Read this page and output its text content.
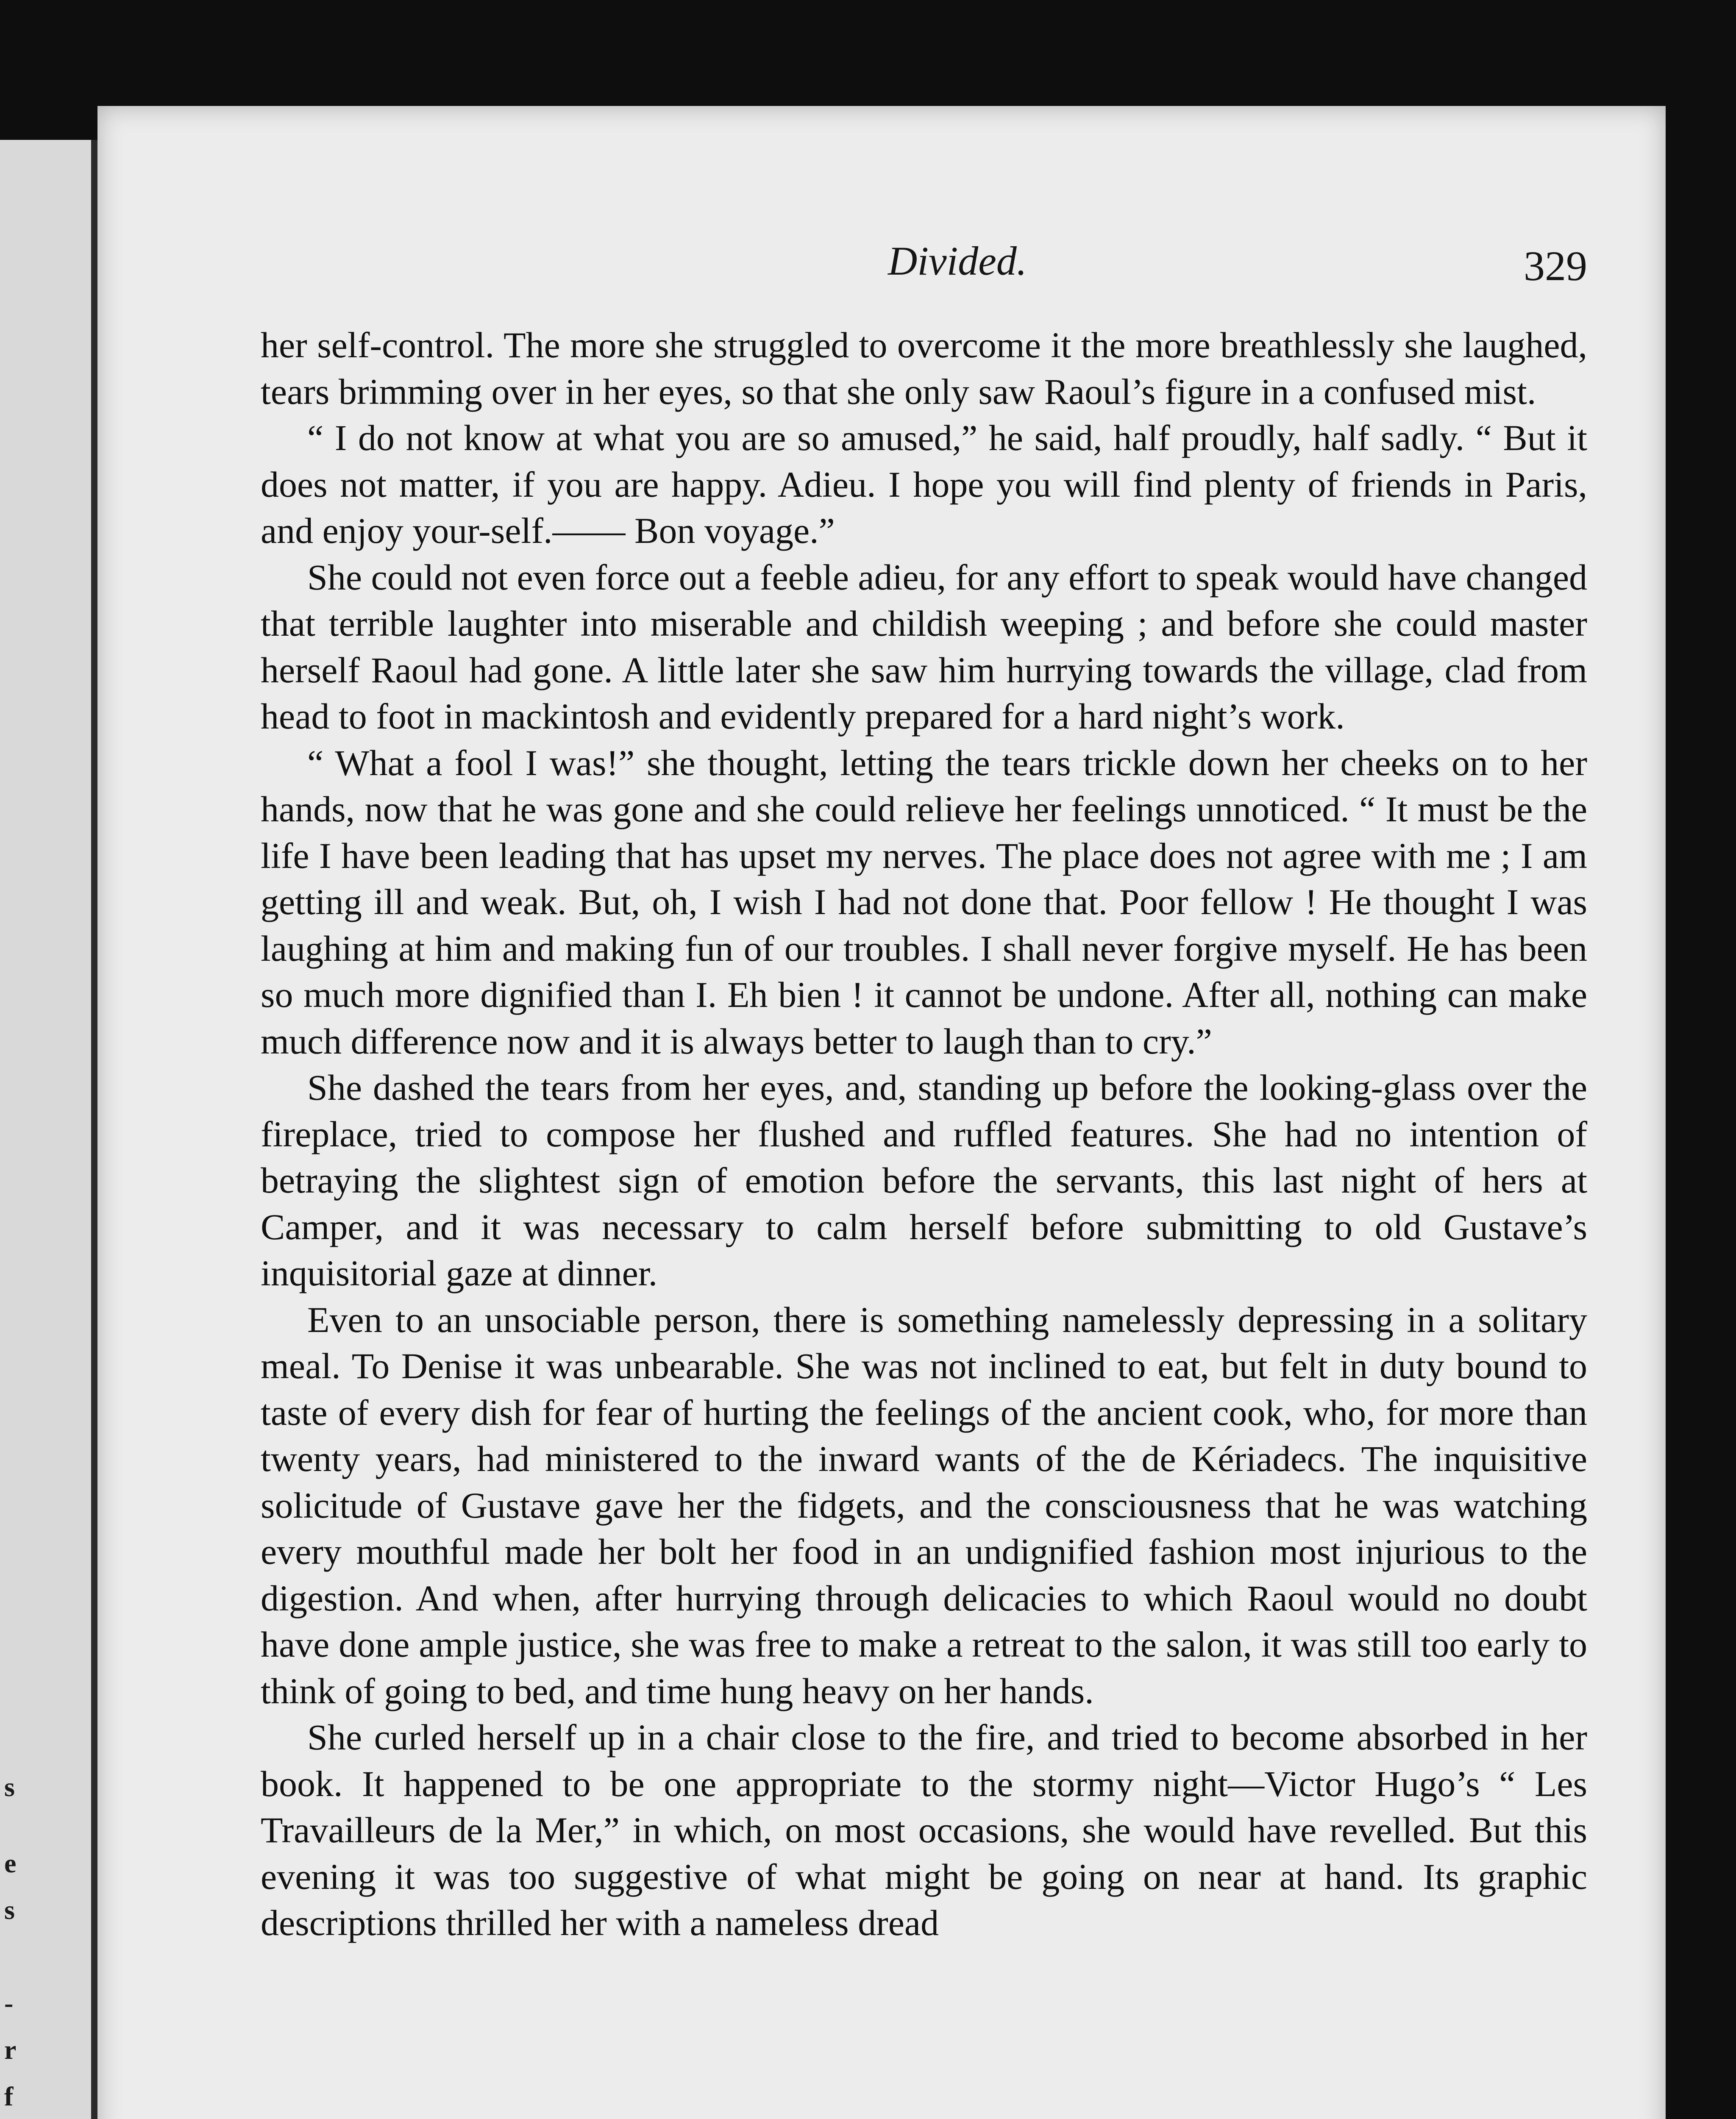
s
e
s
-
r
f
Divided.	329

her self-control. The more she struggled to overcome it the more breathlessly she laughed, tears brimming over in her eyes, so that she only saw Raoul’s figure in a confused mist.

“ I do not know at what you are so amused,” he said, half proudly, half sadly. “ But it does not matter, if you are happy. Adieu. I hope you will find plenty of friends in Paris, and enjoy your-self.—— Bon voyage.”

She could not even force out a feeble adieu, for any effort to speak would have changed that terrible laughter into miserable and childish weeping ; and before she could master herself Raoul had gone. A little later she saw him hurrying towards the village, clad from head to foot in mackintosh and evidently prepared for a hard night’s work.

“ What a fool I was!” she thought, letting the tears trickle down her cheeks on to her hands, now that he was gone and she could relieve her feelings unnoticed. “ It must be the life I have been leading that has upset my nerves. The place does not agree with me ; I am getting ill and weak. But, oh, I wish I had not done that. Poor fellow ! He thought I was laughing at him and making fun of our troubles. I shall never forgive myself. He has been so much more dignified than I. Eh bien ! it cannot be undone. After all, nothing can make much difference now and it is always better to laugh than to cry.”

She dashed the tears from her eyes, and, standing up before the looking-glass over the fireplace, tried to compose her flushed and ruffled features. She had no intention of betraying the slightest sign of emotion before the servants, this last night of hers at Camper, and it was necessary to calm herself before submitting to old Gustave’s inquisitorial gaze at dinner.

Even to an unsociable person, there is something namelessly depressing in a solitary meal. To Denise it was unbearable. She was not inclined to eat, but felt in duty bound to taste of every dish for fear of hurting the feelings of the ancient cook, who, for more than twenty years, had ministered to the inward wants of the de Kériadecs. The inquisitive solicitude of Gustave gave her the fidgets, and the consciousness that he was watching every mouthful made her bolt her food in an undignified fashion most injurious to the digestion. And when, after hurrying through delicacies to which Raoul would no doubt have done ample justice, she was free to make a retreat to the salon, it was still too early to think of going to bed, and time hung heavy on her hands.

She curled herself up in a chair close to the fire, and tried to become absorbed in her book. It happened to be one appropriate to the stormy night—Victor Hugo’s “ Les Travailleurs de la Mer,” in which, on most occasions, she would have revelled. But this evening it was too suggestive of what might be going on near at hand. Its graphic descriptions thrilled her with a nameless dread
